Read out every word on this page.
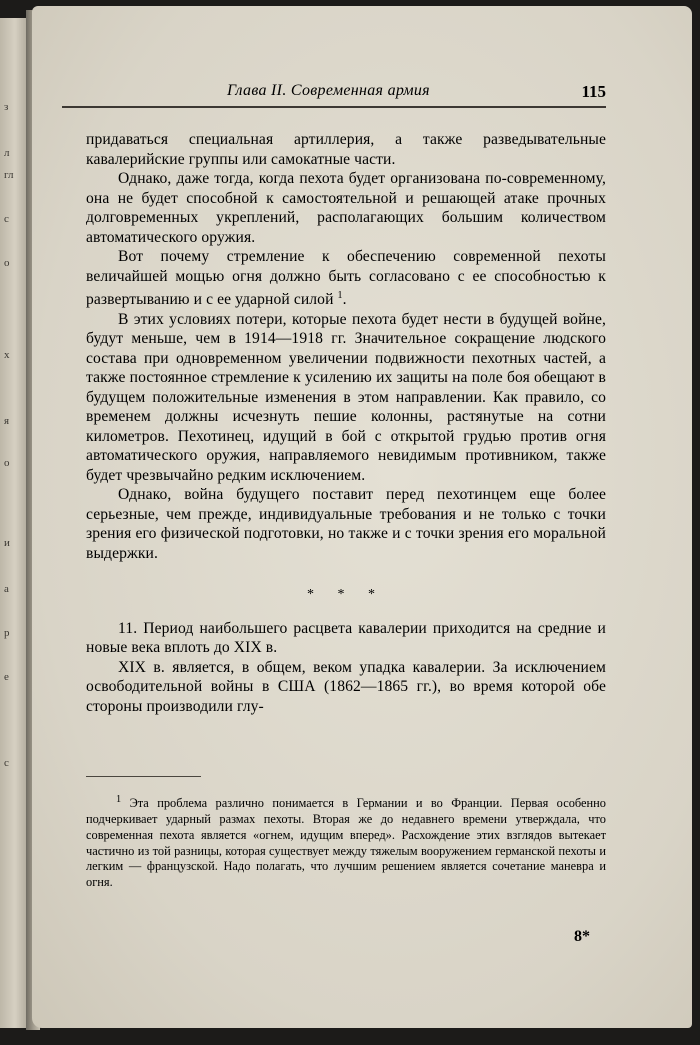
з
л
гл
с
о
х
я
о
и
а
р
е
с
Глава II. Современная армия	115

придаваться специальная артиллерия, а также разведывательные кавалерийские группы или самокатные части.

Однако, даже тогда, когда пехота будет организована по-современному, она не будет способной к самостоятельной и решающей атаке прочных долговременных укреплений, располагающих большим количеством автоматического оружия.

Вот почему стремление к обеспечению современной пехоты величайшей мощью огня должно быть согласовано с ее способностью к развертыванию и с ее ударной силой $^1$.

В этих условиях потери, которые пехота будет нести в будущей войне, будут меньше, чем в 1914—1918 гг. Значительное сокращение людского состава при одновременном увеличении подвижности пехотных частей, а также постоянное стремление к усилению их защиты на поле боя обещают в будущем положительные изменения в этом направлении. Как правило, со временем должны исчезнуть пешие колонны, растянутые на сотни километров. Пехотинец, идущий в бой с открытой грудью против огня автоматического оружия, направляемого невидимым противником, также будет чрезвычайно редким исключением.

Однако, война будущего поставит перед пехотинцем еще более серьезные, чем прежде, индивидуальные требования и не только с точки зрения его физической подготовки, но также и с точки зрения его моральной выдержки.

* * *

11. Период наибольшего расцвета кавалерии приходится на средние и новые века вплоть до XIX в.

XIX в. является, в общем, веком упадка кавалерии. За исключением освободительной войны в США (1862—1865 гг.), во время которой обе стороны производили глу-

$^1$ Эта проблема различно понимается в Германии и во Франции. Первая особенно подчеркивает ударный размах пехоты. Вторая же до недавнего времени утверждала, что современная пехота является «огнем, идущим вперед». Расхождение этих взглядов вытекает частично из той разницы, которая существует между тяжелым вооружением германской пехоты и легким — французской. Надо полагать, что лучшим решением является сочетание маневра и огня.

8*
